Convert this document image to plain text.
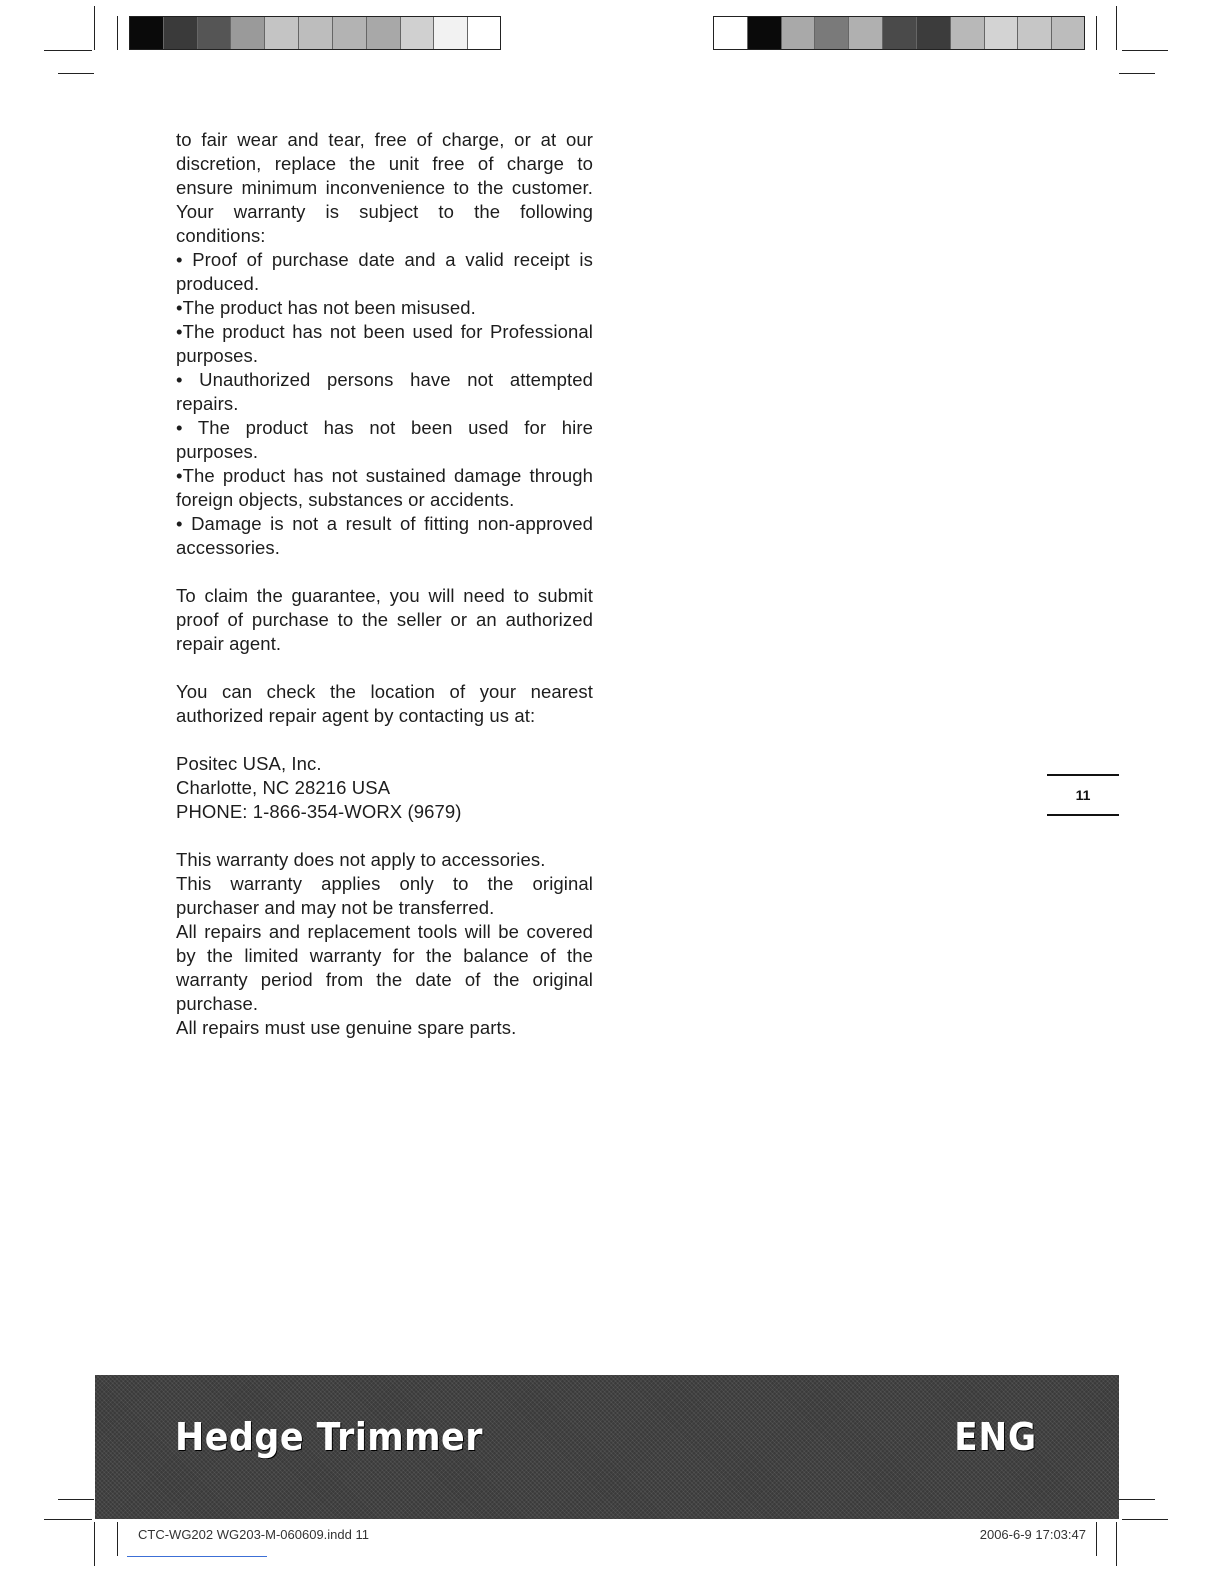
to fair wear and tear, free of charge, or at our discretion, replace the unit free of charge to ensure minimum inconvenience to the customer. Your warranty is subject to the following conditions:

• Proof of purchase date and a valid receipt is produced.

•The product has not been misused.

•The product has not been used for Professional purposes.

• Unauthorized persons have not attempted repairs.

• The product has not been used for hire purposes.

•The product has not sustained damage through foreign objects, substances or accidents.

• Damage is not a result of fitting non-approved accessories.

To claim the guarantee, you will need to submit proof of purchase to the seller or an authorized repair agent.

You can check the location of your nearest authorized repair agent by contacting us at:

Positec USA, Inc.

Charlotte, NC 28216 USA

PHONE: 1-866-354-WORX (9679)

This warranty does not apply to accessories.

This warranty applies only to the original purchaser and may not be transferred.

All repairs and replacement tools will be covered by the limited warranty for the balance of the warranty period from the date of the original purchase.

All repairs must use genuine spare parts.

11
Hedge Trimmer	ENG
CTC-WG202 WG203-M-060609.indd 11	2006-6-9 17:03:47
